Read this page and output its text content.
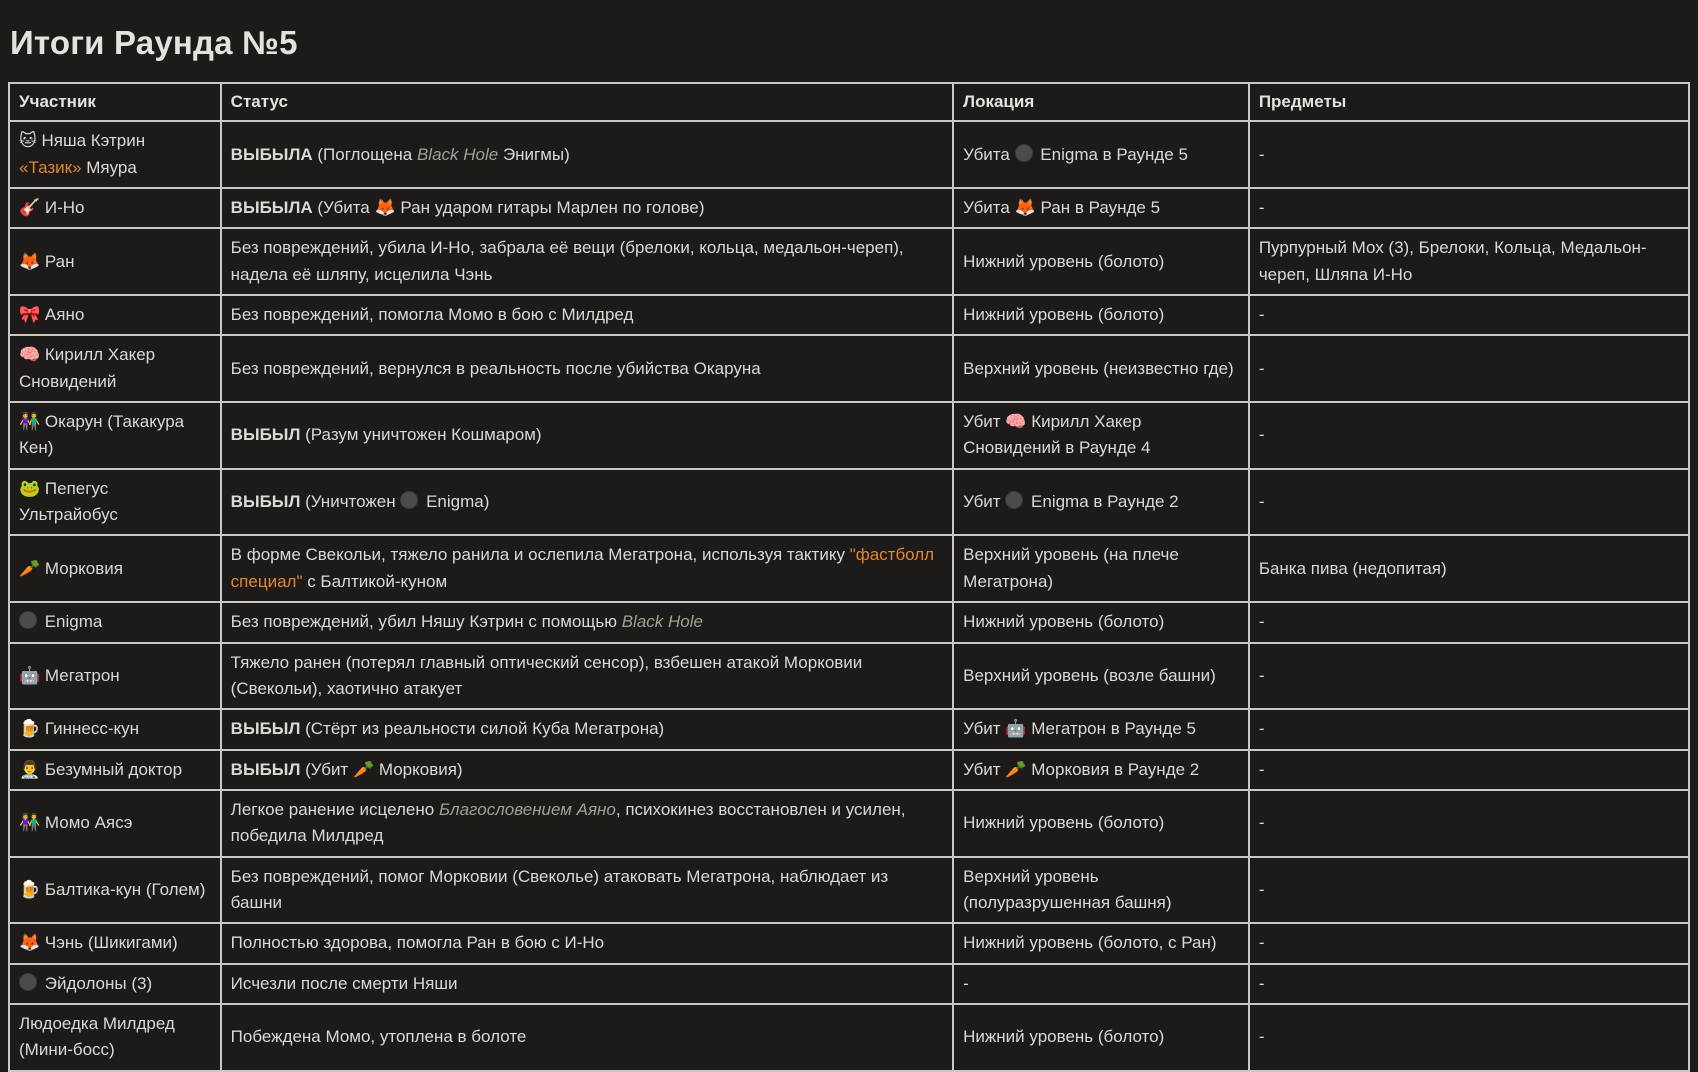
Итоги Раунда №5
Участник	Статус	Локация	Предметы
🐱 Няша Кэтрин «Тазик» Мяура	ВЫБЫЛА (Поглощена Black Hole Энигмы)	Убита  Enigma в Раунде 5	-
🎸 И-Но	ВЫБЫЛА (Убита 🦊 Ран ударом гитары Марлен по голове)	Убита 🦊 Ран в Раунде 5	-
🦊 Ран	Без повреждений, убила И-Но, забрала её вещи (брелоки, кольца, медальон-череп), надела её шляпу, исцелила Чэнь	Нижний уровень (болото)	Пурпурный Мох (3), Брелоки, Кольца, Медальон-череп, Шляпа И-Но
🎀 Аяно	Без повреждений, помогла Момо в бою с Милдред	Нижний уровень (болото)	-
🧠 Кирилл Хакер Сновидений	Без повреждений, вернулся в реальность после убийства Окаруна	Верхний уровень (неизвестно где)	-
👫 Окарун (Такакура Кен)	ВЫБЫЛ (Разум уничтожен Кошмаром)	Убит 🧠 Кирилл Хакер Сновидений в Раунде 4	-
🐸 Пепегус Ультрайобус	ВЫБЫЛ (Уничтожен  Enigma)	Убит  Enigma в Раунде 2	-
🥕 Морковия	В форме Свекольи, тяжело ранила и ослепила Мегатрона, используя тактику "фастболл специал" с Балтикой-куном	Верхний уровень (на плече Мегатрона)	Банка пива (недопитая)
Enigma	Без повреждений, убил Няшу Кэтрин с помощью Black Hole	Нижний уровень (болото)	-
🤖 Мегатрон	Тяжело ранен (потерял главный оптический сенсор), взбешен атакой Морковии (Свекольи), хаотично атакует	Верхний уровень (возле башни)	-
🍺 Гиннесс-кун	ВЫБЫЛ (Стёрт из реальности силой Куба Мегатрона)	Убит 🤖 Мегатрон в Раунде 5	-
👨‍⚕️ Безумный доктор	ВЫБЫЛ (Убит 🥕 Морковия)	Убит 🥕 Морковия в Раунде 2	-
👫 Момо Аясэ	Легкое ранение исцелено Благословением Аяно, психокинез восстановлен и усилен, победила Милдред	Нижний уровень (болото)	-
🍺 Балтика-кун (Голем)	Без повреждений, помог Морковии (Свеколье) атаковать Мегатрона, наблюдает из башни	Верхний уровень (полуразрушенная башня)	-
🦊 Чэнь (Шикигами)	Полностью здорова, помогла Ран в бою с И-Но	Нижний уровень (болото, с Ран)	-
Эйдолоны (3)	Исчезли после смерти Няши	-	-
Людоедка Милдред (Мини-босс)	Побеждена Момо, утоплена в болоте	Нижний уровень (болото)	-
